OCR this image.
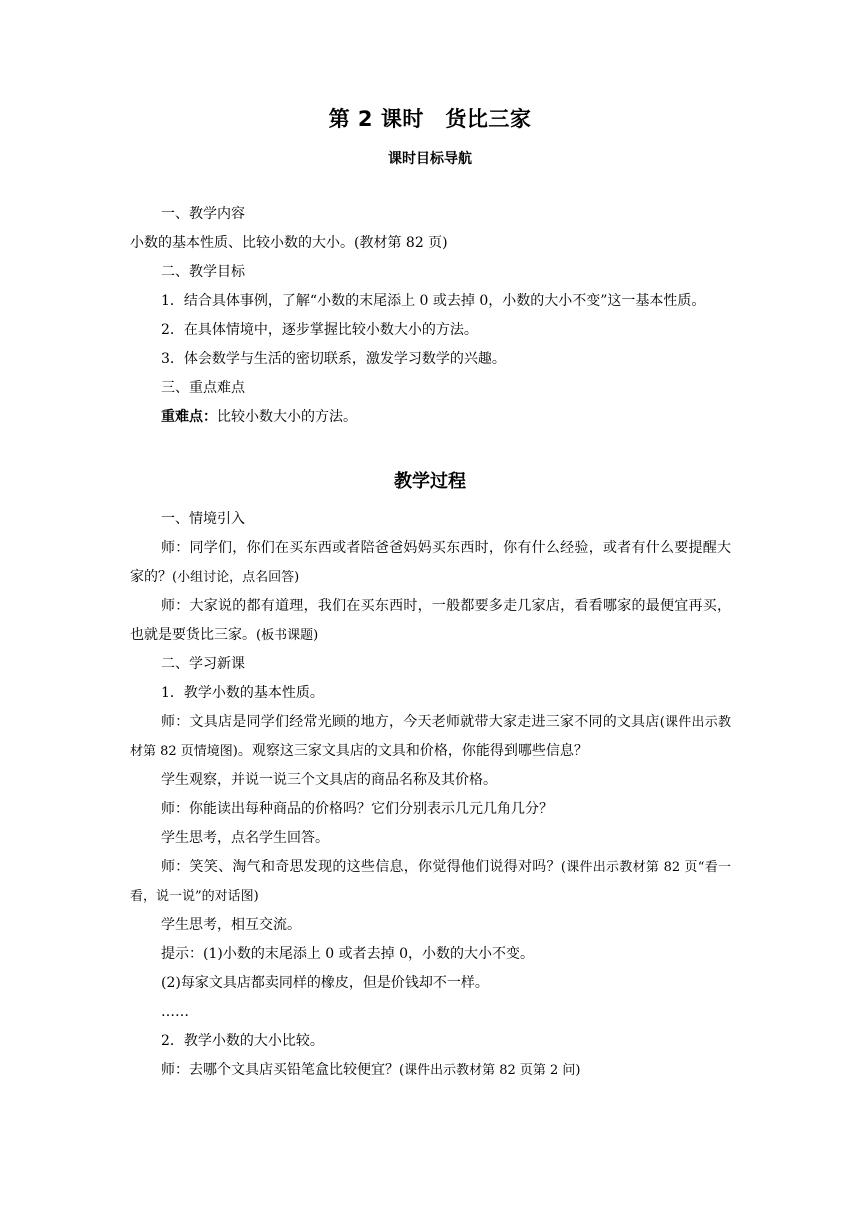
第 2 课时　货比三家
课时目标导航

一、教学内容

小数的基本性质、比较小数的大小。(教材第 82 页)

二、教学目标

1．结合具体事例，了解“小数的末尾添上 0 或去掉 0，小数的大小不变”这一基本性质。

2．在具体情境中，逐步掌握比较小数大小的方法。

3．体会数学与生活的密切联系，激发学习数学的兴趣。

三、重点难点

重难点：比较小数大小的方法。

教学过程

一、情境引入

师：同学们，你们在买东西或者陪爸爸妈妈买东西时，你有什么经验，或者有什么要提醒大家的？(小组讨论，点名回答)

师：大家说的都有道理，我们在买东西时，一般都要多走几家店，看看哪家的最便宜再买，也就是要货比三家。(板书课题)

二、学习新课

1．教学小数的基本性质。

师：文具店是同学们经常光顾的地方，今天老师就带大家走进三家不同的文具店(课件出示教材第 82 页情境图)。观察这三家文具店的文具和价格，你能得到哪些信息？

学生观察，并说一说三个文具店的商品名称及其价格。

师：你能读出每种商品的价格吗？它们分别表示几元几角几分？

学生思考，点名学生回答。

师：笑笑、淘气和奇思发现的这些信息，你觉得他们说得对吗？(课件出示教材第 82 页“看一看，说一说”的对话图)

学生思考，相互交流。

提示：(1)小数的末尾添上 0 或者去掉 0，小数的大小不变。

(2)每家文具店都卖同样的橡皮，但是价钱却不一样。

……

2．教学小数的大小比较。

师：去哪个文具店买铅笔盒比较便宜？(课件出示教材第 82 页第 2 问)
